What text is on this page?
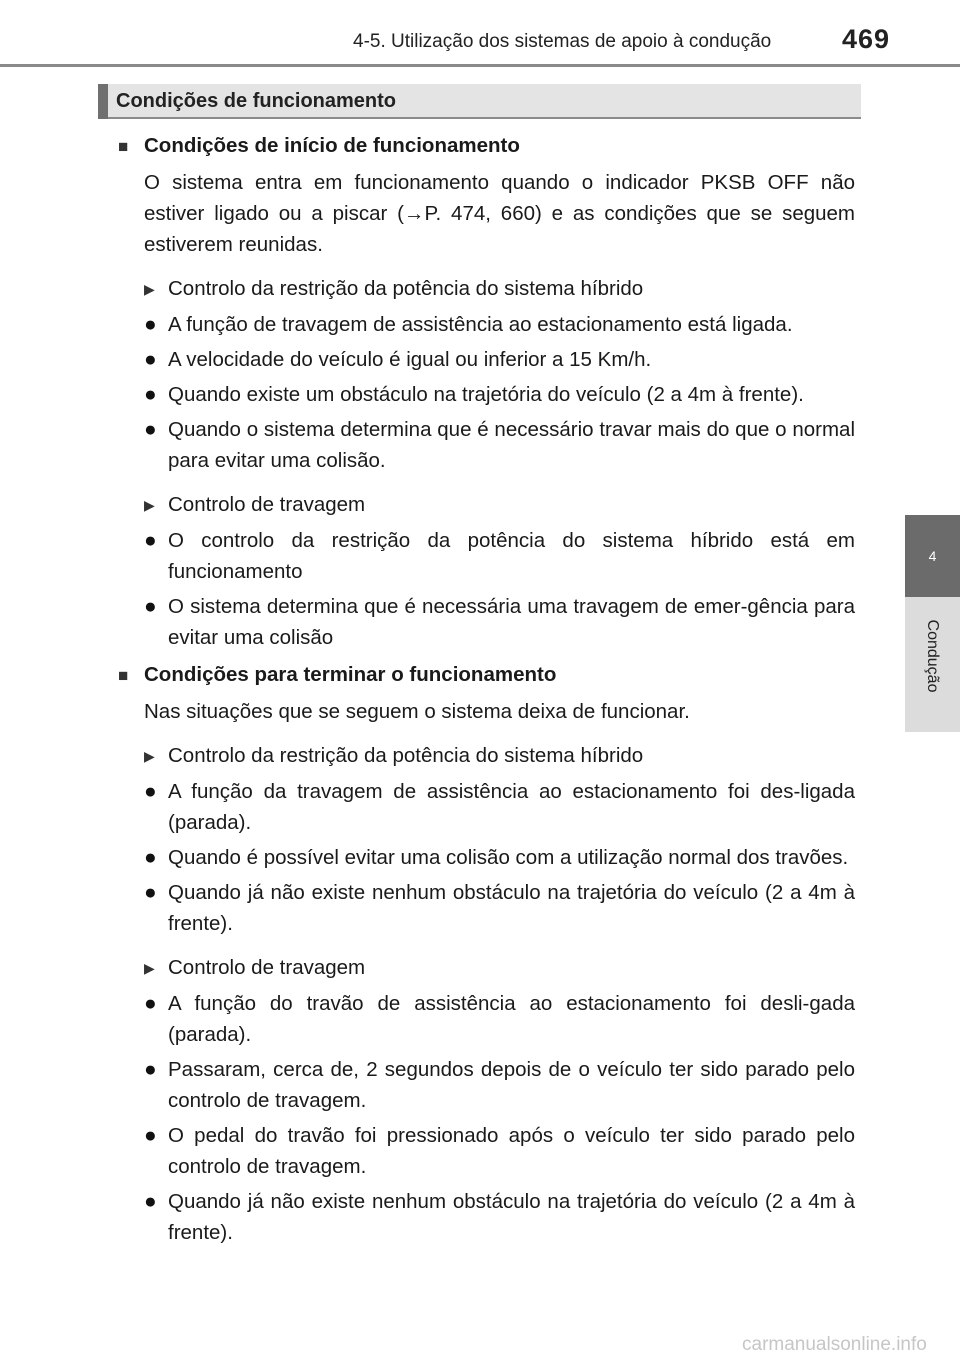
4-5. Utilização dos sistemas de apoio à condução	469
4
Condução
Condições de funcionamento
■ Condições de início de funcionamento
O sistema entra em funcionamento quando o indicador PKSB OFF não estiver ligado ou a piscar (→P. 474, 660) e as condições que se seguem estiverem reunidas.
▶ Controlo da restrição da potência do sistema híbrido
● A função de travagem de assistência ao estacionamento está ligada.
● A velocidade do veículo é igual ou inferior a 15 Km/h.
● Quando existe um obstáculo na trajetória do veículo (2 a 4m à frente).
● Quando o sistema determina que é necessário travar mais do que o normal para evitar uma colisão.
▶ Controlo de travagem
● O controlo da restrição da potência do sistema híbrido está em funcionamento
● O sistema determina que é necessária uma travagem de emer-gência para evitar uma colisão
■ Condições para terminar o funcionamento
Nas situações que se seguem o sistema deixa de funcionar.
▶ Controlo da restrição da potência do sistema híbrido
● A função da travagem de assistência ao estacionamento foi des-ligada (parada).
● Quando é possível evitar uma colisão com a utilização normal dos travões.
● Quando já não existe nenhum obstáculo na trajetória do veículo (2 a 4m à frente).
▶ Controlo de travagem
● A função do travão de assistência ao estacionamento foi desli-gada (parada).
● Passaram, cerca de, 2 segundos depois de o veículo ter sido parado pelo controlo de travagem.
● O pedal do travão foi pressionado após o veículo ter sido parado pelo controlo de travagem.
● Quando já não existe nenhum obstáculo na trajetória do veículo (2 a 4m à frente).
carmanualsonline.info
